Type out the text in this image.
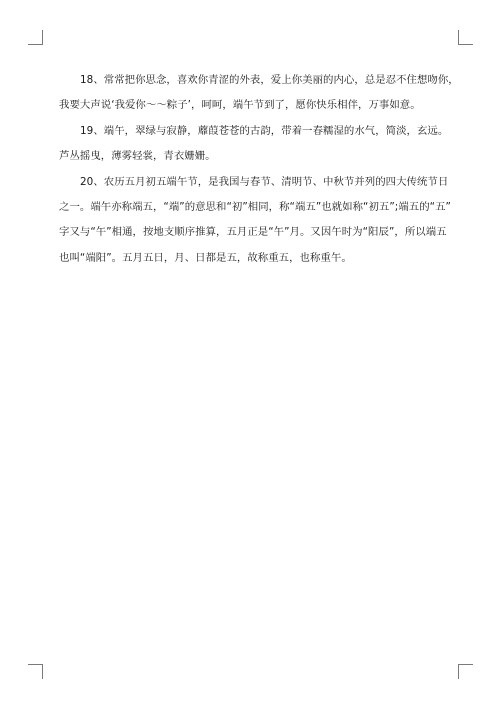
18、常常把你思念，喜欢你青涩的外表，爱上你美丽的内心，总是忍不住想吻你，
我要大声说‘我爱你～～粽子’，呵呵，端午节到了，愿你快乐相伴，万事如意。

19、端午，翠绿与寂静，蘼葭苍苍的古韵，带着一春糯湿的水气，简淡，玄远。
芦丛摇曳，薄雾轻裳，青衣姗姗。

20、农历五月初五端午节，是我国与春节、清明节、中秋节并列的四大传统节日
之一。端午亦称端五，“端”的意思和“初”相同，称“端五”也就如称“初五”;端五的“五”
字又与“午”相通，按地支顺序推算，五月正是“午”月。又因午时为“阳辰”，所以端五
也叫“端阳”。五月五日，月、日都是五，故称重五，也称重午。
